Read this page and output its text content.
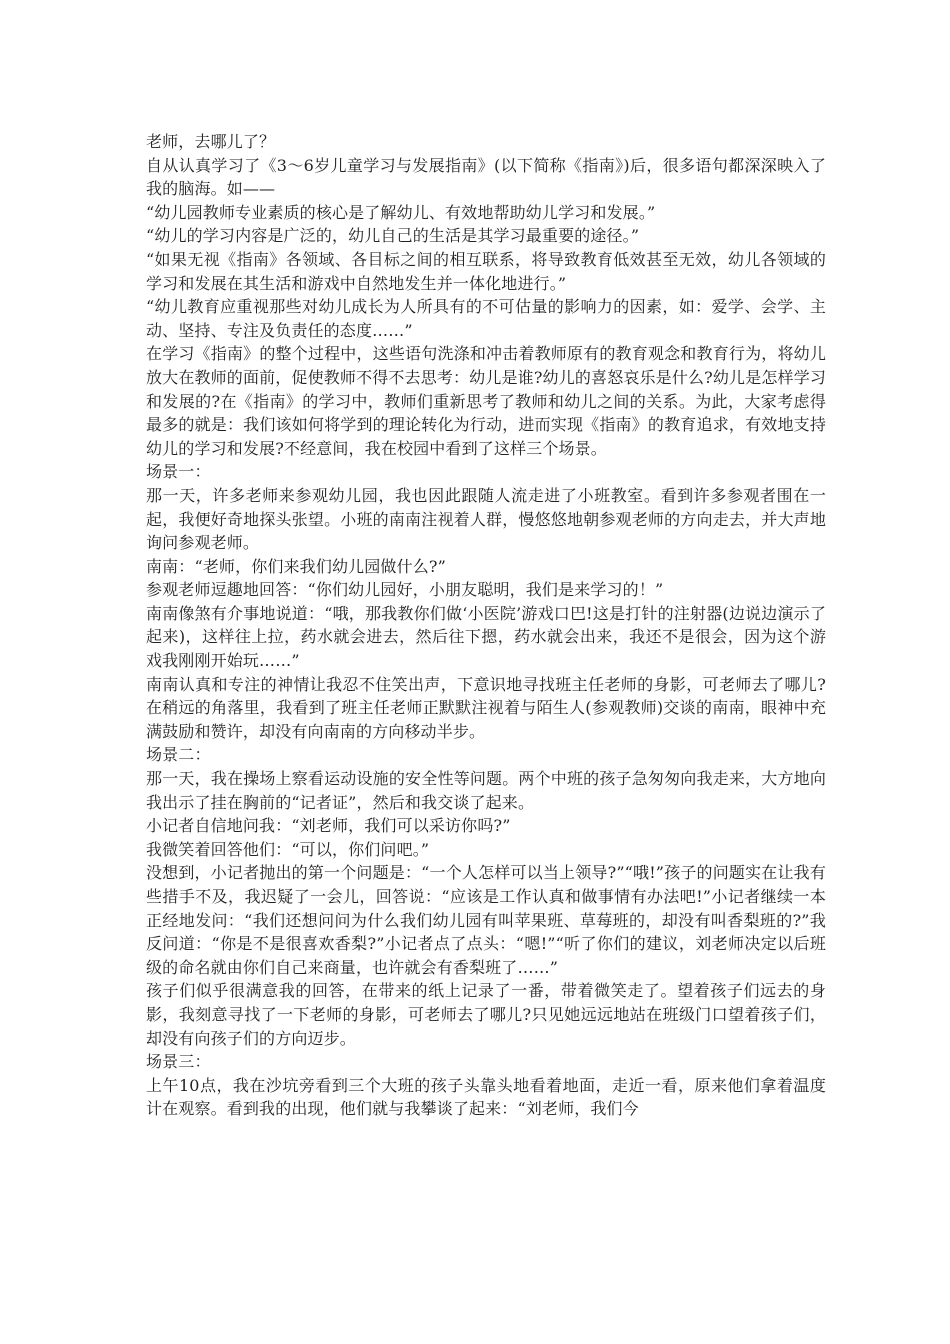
老师，去哪儿了？

自从认真学习了《3～6岁儿童学习与发展指南》(以下简称《指南》)后，很多语句都深深映入了我的脑海。如——

“幼儿园教师专业素质的核心是了解幼儿、有效地帮助幼儿学习和发展。”

“幼儿的学习内容是广泛的，幼儿自己的生活是其学习最重要的途径。”

“如果无视《指南》各领域、各目标之间的相互联系，将导致教育低效甚至无效，幼儿各领域的学习和发展在其生活和游戏中自然地发生并一体化地进行。”

“幼儿教育应重视那些对幼儿成长为人所具有的不可估量的影响力的因素，如：爱学、会学、主动、坚持、专注及负责任的态度……”

在学习《指南》的整个过程中，这些语句洗涤和冲击着教师原有的教育观念和教育行为，将幼儿放大在教师的面前，促使教师不得不去思考：幼儿是谁?幼儿的喜怒哀乐是什么?幼儿是怎样学习和发展的?在《指南》的学习中，教师们重新思考了教师和幼儿之间的关系。为此，大家考虑得最多的就是：我们该如何将学到的理论转化为行动，进而实现《指南》的教育追求，有效地支持幼儿的学习和发展?不经意间，我在校园中看到了这样三个场景。

场景一：

那一天，许多老师来参观幼儿园，我也因此跟随人流走进了小班教室。看到许多参观者围在一起，我便好奇地探头张望。小班的南南注视着人群，慢悠悠地朝参观老师的方向走去，并大声地询问参观老师。

南南：“老师，你们来我们幼儿园做什么?”

参观老师逗趣地回答：“你们幼儿园好，小朋友聪明，我们是来学习的！”

南南像煞有介事地说道：“哦，那我教你们做‘小医院’游戏口巴!这是打针的注射器(边说边演示了起来)，这样往上拉，药水就会进去，然后往下摁，药水就会出来，我还不是很会，因为这个游戏我刚刚开始玩……”

南南认真和专注的神情让我忍不住笑出声，下意识地寻找班主任老师的身影，可老师去了哪儿?在稍远的角落里，我看到了班主任老师正默默注视着与陌生人(参观教师)交谈的南南，眼神中充满鼓励和赞许，却没有向南南的方向移动半步。

场景二：

那一天，我在操场上察看运动设施的安全性等问题。两个中班的孩子急匆匆向我走来，大方地向我出示了挂在胸前的“记者证”，然后和我交谈了起来。

小记者自信地问我：“刘老师，我们可以采访你吗?”

我微笑着回答他们：“可以，你们问吧。”

没想到，小记者抛出的第一个问题是：“一个人怎样可以当上领导?”“哦!”孩子的问题实在让我有些措手不及，我迟疑了一会儿，回答说：“应该是工作认真和做事情有办法吧!”小记者继续一本正经地发问：“我们还想问问为什么我们幼儿园有叫苹果班、草莓班的，却没有叫香梨班的?”我反问道：“你是不是很喜欢香梨?”小记者点了点头：“嗯!”“听了你们的建议，刘老师决定以后班级的命名就由你们自己来商量，也许就会有香梨班了……”

孩子们似乎很满意我的回答，在带来的纸上记录了一番，带着微笑走了。望着孩子们远去的身影，我刻意寻找了一下老师的身影，可老师去了哪儿?只见她远远地站在班级门口望着孩子们，却没有向孩子们的方向迈步。

场景三：

上午10点，我在沙坑旁看到三个大班的孩子头靠头地看着地面，走近一看，原来他们拿着温度计在观察。看到我的出现，他们就与我攀谈了起来：“刘老师，我们今
